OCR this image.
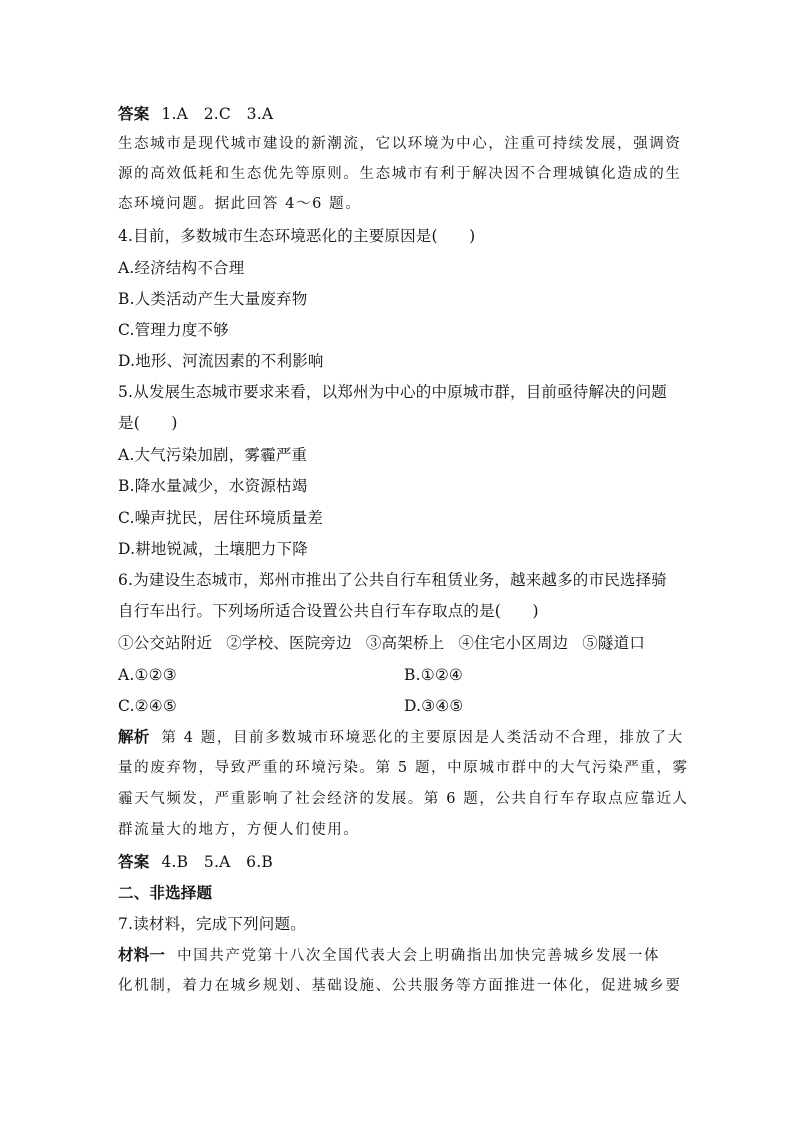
答案 1.A　2.C　3.A
生态城市是现代城市建设的新潮流，它以环境为中心，注重可持续发展，强调资
源的高效低耗和生态优先等原则。生态城市有利于解决因不合理城镇化造成的生
态环境问题。据此回答 4～6 题。
4.目前，多数城市生态环境恶化的主要原因是(　　)
A.经济结构不合理
B.人类活动产生大量废弃物
C.管理力度不够
D.地形、河流因素的不利影响
5.从发展生态城市要求来看，以郑州为中心的中原城市群，目前亟待解决的问题
是(　　)
A.大气污染加剧，雾霾严重
B.降水量减少，水资源枯竭
C.噪声扰民，居住环境质量差
D.耕地锐减，土壤肥力下降
6.为建设生态城市，郑州市推出了公共自行车租赁业务，越来越多的市民选择骑
自行车出行。下列场所适合设置公共自行车存取点的是(　　)
①公交站附近 ②学校、医院旁边 ③高架桥上 ④住宅小区周边 ⑤隧道口
A.①②③	B.①②④
C.②④⑤	D.③④⑤
解析 第 4 题，目前多数城市环境恶化的主要原因是人类活动不合理，排放了大
量的废弃物，导致严重的环境污染。第 5 题，中原城市群中的大气污染严重，雾
霾天气频发，严重影响了社会经济的发展。第 6 题，公共自行车存取点应靠近人
群流量大的地方，方便人们使用。
答案 4.B　5.A　6.B
二、非选择题
7.读材料，完成下列问题。
材料一 中国共产党第十八次全国代表大会上明确指出加快完善城乡发展一体
化机制，着力在城乡规划、基础设施、公共服务等方面推进一体化，促进城乡要
